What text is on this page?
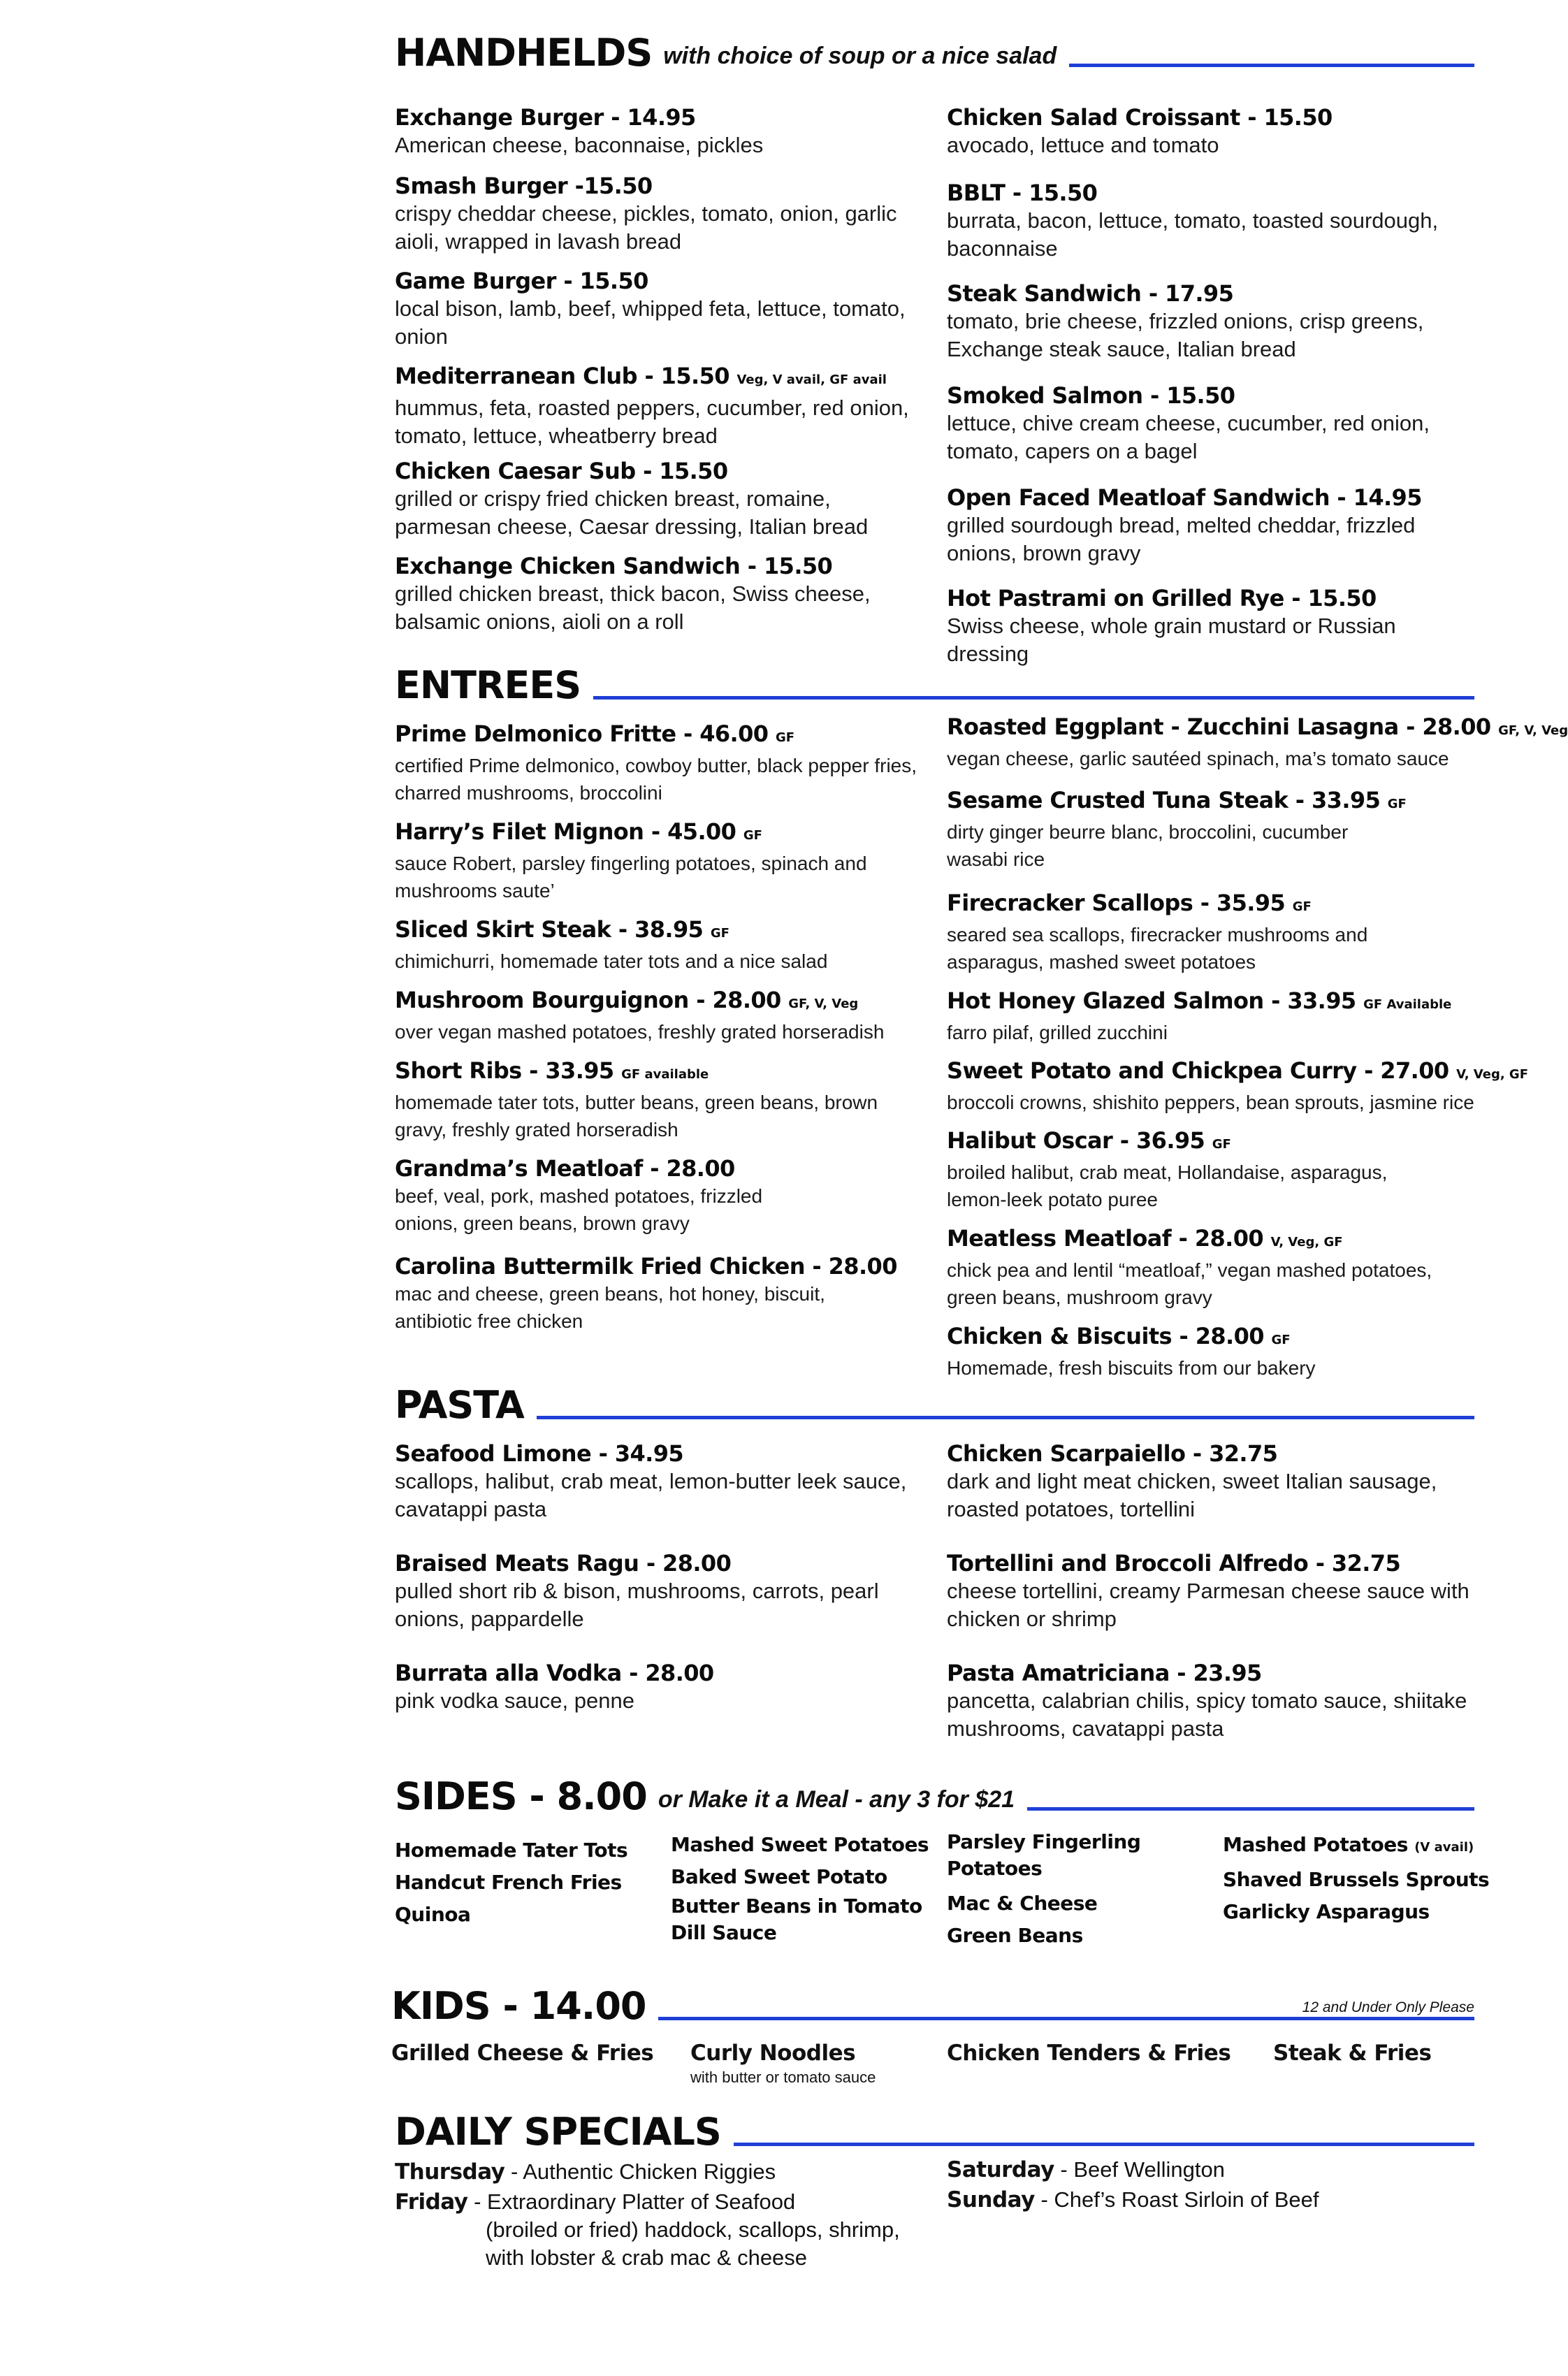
HANDHELDS with choice of soup or a nice salad
Exchange Burger - 14.95
American cheese, baconnaise, pickles
Smash Burger -15.50
crispy cheddar cheese, pickles, tomato, onion, garlic aioli, wrapped in lavash bread
Game Burger - 15.50
local bison, lamb, beef, whipped feta, lettuce, tomato, onion
Mediterranean Club - 15.50 Veg, V avail, GF avail
hummus, feta, roasted peppers, cucumber, red onion, tomato, lettuce, wheatberry bread
Chicken Caesar Sub - 15.50
grilled or crispy fried chicken breast, romaine, parmesan cheese, Caesar dressing, Italian bread
Exchange Chicken Sandwich - 15.50
grilled chicken breast, thick bacon, Swiss cheese, balsamic onions, aioli on a roll
Chicken Salad Croissant - 15.50
avocado, lettuce and tomato
BBLT - 15.50
burrata, bacon, lettuce, tomato, toasted sourdough, baconnaise
Steak Sandwich - 17.95
tomato, brie cheese, frizzled onions, crisp greens, Exchange steak sauce, Italian bread
Smoked Salmon - 15.50
lettuce, chive cream cheese, cucumber, red onion, tomato, capers on a bagel
Open Faced Meatloaf Sandwich - 14.95
grilled sourdough bread, melted cheddar, frizzled onions, brown gravy
Hot Pastrami on Grilled Rye - 15.50
Swiss cheese, whole grain mustard or Russian dressing
ENTREES
Prime Delmonico Fritte - 46.00 GF
certified Prime delmonico, cowboy butter, black pepper fries, charred mushrooms, broccolini
Harry’s Filet Mignon - 45.00 GF
sauce Robert, parsley fingerling potatoes, spinach and mushrooms saute’
Sliced Skirt Steak - 38.95 GF
chimichurri, homemade tater tots and a nice salad
Mushroom Bourguignon - 28.00 GF, V, Veg
over vegan mashed potatoes, freshly grated horseradish
Short Ribs - 33.95 GF available
homemade tater tots, butter beans, green beans, brown gravy, freshly grated horseradish
Grandma’s Meatloaf - 28.00
beef, veal, pork, mashed potatoes, frizzled onions, green beans, brown gravy
Carolina Buttermilk Fried Chicken - 28.00
mac and cheese, green beans, hot honey, biscuit, antibiotic free chicken
Roasted Eggplant - Zucchini Lasagna - 28.00 GF, V, Veg
vegan cheese, garlic sautéed spinach, ma’s tomato sauce
Sesame Crusted Tuna Steak - 33.95 GF
dirty ginger beurre blanc, broccolini, cucumber wasabi rice
Firecracker Scallops - 35.95 GF
seared sea scallops, firecracker mushrooms and asparagus, mashed sweet potatoes
Hot Honey Glazed Salmon - 33.95 GF Available
farro pilaf, grilled zucchini
Sweet Potato and Chickpea Curry - 27.00 V, Veg, GF
broccoli crowns, shishito peppers, bean sprouts, jasmine rice
Halibut Oscar - 36.95 GF
broiled halibut, crab meat, Hollandaise, asparagus, lemon-leek potato puree
Meatless Meatloaf - 28.00 V, Veg, GF
chick pea and lentil “meatloaf,” vegan mashed potatoes, green beans, mushroom gravy
Chicken & Biscuits - 28.00 GF
Homemade, fresh biscuits from our bakery
PASTA
Seafood Limone - 34.95
scallops, halibut, crab meat, lemon-butter leek sauce, cavatappi pasta
Braised Meats Ragu - 28.00
pulled short rib & bison, mushrooms, carrots, pearl onions, pappardelle
Burrata alla Vodka - 28.00
pink vodka sauce, penne
Chicken Scarpaiello - 32.75
dark and light meat chicken, sweet Italian sausage, roasted potatoes, tortellini
Tortellini and Broccoli Alfredo - 32.75
cheese tortellini, creamy Parmesan cheese sauce with chicken or shrimp
Pasta Amatriciana - 23.95
pancetta, calabrian chilis, spicy tomato sauce, shiitake mushrooms, cavatappi pasta
SIDES - 8.00 or Make it a Meal - any 3 for $21
Homemade Tater Tots
Handcut French Fries
Quinoa
Mashed Sweet Potatoes
Baked Sweet Potato
Butter Beans in Tomato Dill Sauce
Parsley Fingerling Potatoes
Mac & Cheese
Green Beans
Mashed Potatoes (V avail)
Shaved Brussels Sprouts
Garlicky Asparagus
KIDS - 14.00	12 and Under Only Please
Grilled Cheese & Fries Curly Noodles
with butter or tomato sauce
Chicken Tenders & Fries Steak & Fries
DAILY SPECIALS
Thursday - Authentic Chicken Riggies
Friday - Extraordinary Platter of Seafood
(broiled or fried) haddock, scallops, shrimp,
with lobster & crab mac & cheese
Saturday - Beef Wellington
Sunday - Chef’s Roast Sirloin of Beef
